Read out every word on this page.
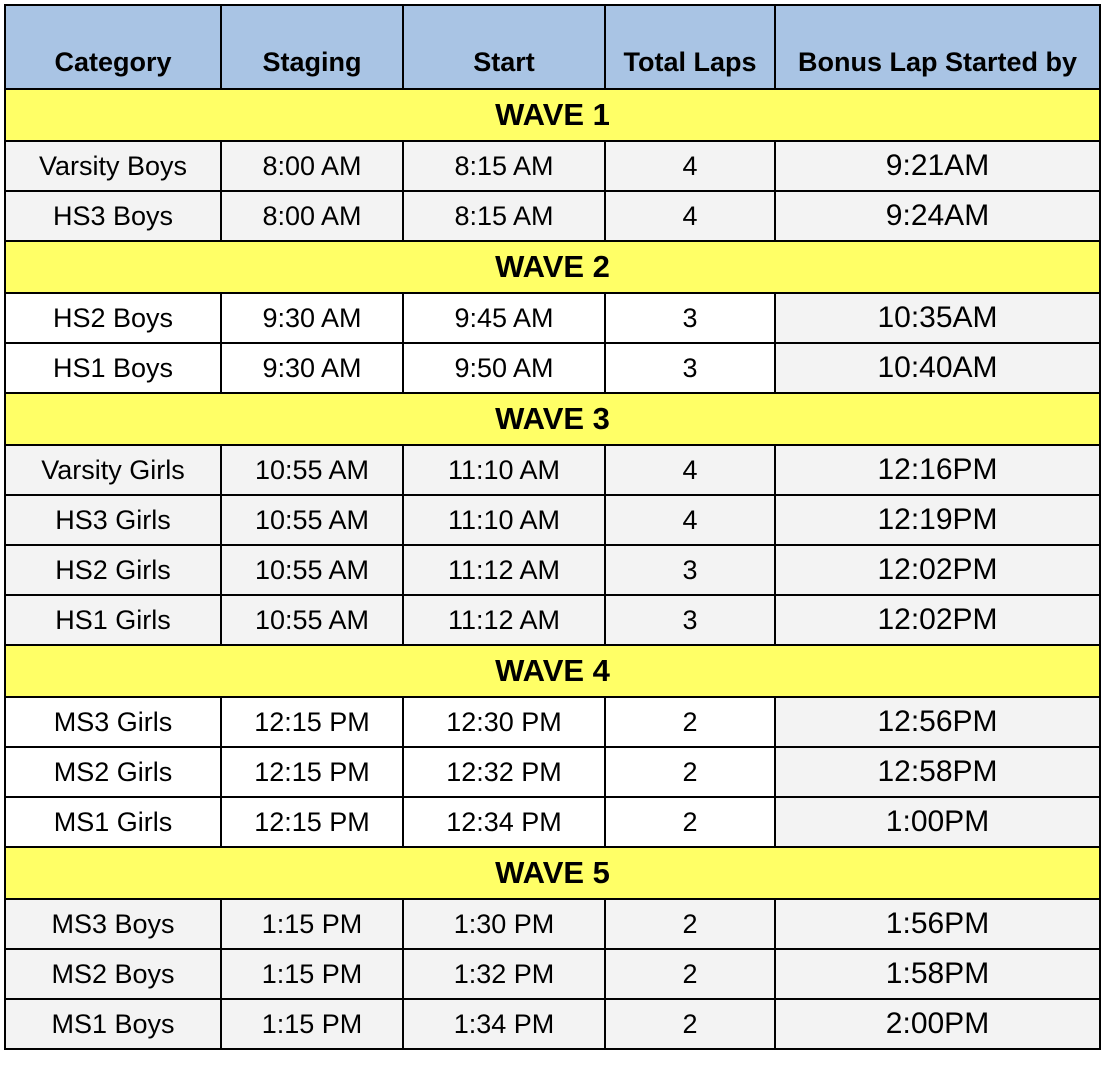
Category	Staging	Start	Total Laps	Bonus Lap Started by
WAVE 1				
Varsity Boys	8:00 AM	8:15 AM	4	9:21AM
HS3 Boys	8:00 AM	8:15 AM	4	9:24AM
WAVE 2				
HS2 Boys	9:30 AM	9:45 AM	3	10:35AM
HS1 Boys	9:30 AM	9:50 AM	3	10:40AM
WAVE 3				
Varsity Girls	10:55 AM	11:10 AM	4	12:16PM
HS3 Girls	10:55 AM	11:10 AM	4	12:19PM
HS2 Girls	10:55 AM	11:12 AM	3	12:02PM
HS1 Girls	10:55 AM	11:12 AM	3	12:02PM
WAVE 4				
MS3 Girls	12:15 PM	12:30 PM	2	12:56PM
MS2 Girls	12:15 PM	12:32 PM	2	12:58PM
MS1 Girls	12:15 PM	12:34 PM	2	1:00PM
WAVE 5				
MS3 Boys	1:15 PM	1:30 PM	2	1:56PM
MS2 Boys	1:15 PM	1:32 PM	2	1:58PM
MS1 Boys	1:15 PM	1:34 PM	2	2:00PM
